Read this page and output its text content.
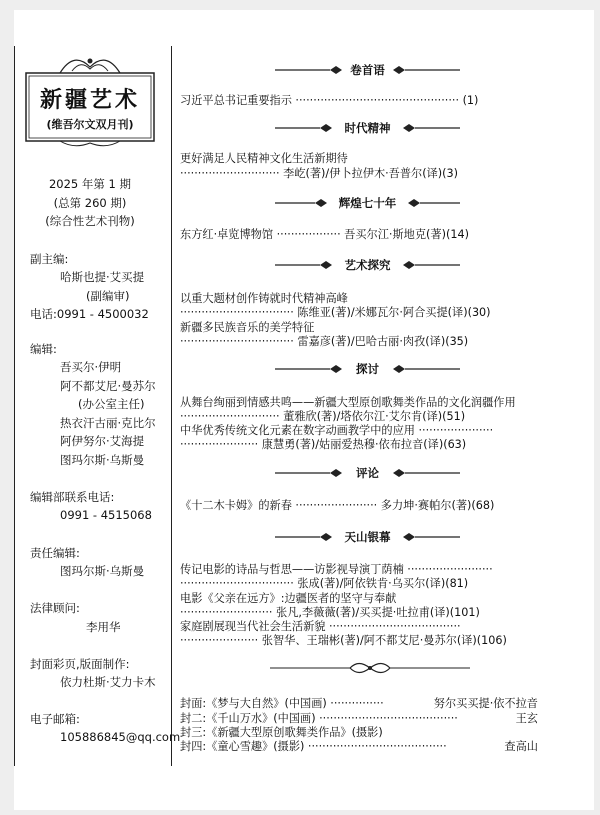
新疆艺术
(维吾尔文双月刊)
2025 年第 1 期
(总第 260 期)
(综合性艺术刊物)
副主编:
哈斯也提·艾买提
(副编审)
电话:0991 - 4500032
编辑:
吾买尔·伊明
阿不都艾尼·曼苏尔
(办公室主任)
热衣汗古丽·克比尔
阿伊努尔·艾海提
图玛尔斯·乌斯曼
编辑部联系电话:
0991 - 4515068
责任编辑:
图玛尔斯·乌斯曼
法律顾问:
李用华
封面彩页,版面制作:
依力杜斯·艾力卡木
电子邮箱:
105886845@qq.com
卷首语
习近平总书记重要指示 ·············································· (1)
时代精神
更好满足人民精神文化生活新期待
···························· 李屹(著)/伊卜拉伊木·吾普尔(译)(3)
辉煌七十年
东方红·卓览博物馆 ·················· 吾买尔江·斯地克(著)(14)
艺术探究
以重大题材创作铸就时代精神高峰
································ 陈维亚(著)/米娜瓦尔·阿合买提(译)(30)
新疆多民族音乐的美学特征
································ 雷嘉彦(著)/巴哈古丽·肉孜(译)(35)
探讨
从舞台绚丽到情感共鸣——新疆大型原创歌舞类作品的文化润疆作用
···························· 董雅欣(著)/塔依尔江·艾尔肯(译)(51)
中华优秀传统文化元素在数字动画教学中的应用 ·····················
······················ 康慧勇(著)/姑丽爱热穆·依布拉音(译)(63)
评论
《十二木卡姆》的新春 ······················· 多力坤·赛帕尔(著)(68)
天山银幕
传记电影的诗品与哲思——访影视导演丁荫楠 ························
································ 张成(著)/阿依铁肯·乌买尔(译)(81)
电影《父亲在远方》:边疆医者的坚守与奉献
·························· 张凡,李薇薇(著)/买买提·吐拉甫(译)(101)
家庭剧展现当代社会生活新貌 ·····································
······················ 张智华、王瑞彬(著)/阿不都艾尼·曼苏尔(译)(106)
封面:《梦与大自然》(中国画) ···············	努尔买买提·依不拉音
封二:《千山万水》(中国画) ·······································	王玄
封三:《新疆大型原创歌舞类作品》(摄影)
封四:《童心雪趣》(摄影) ·······································	查高山
